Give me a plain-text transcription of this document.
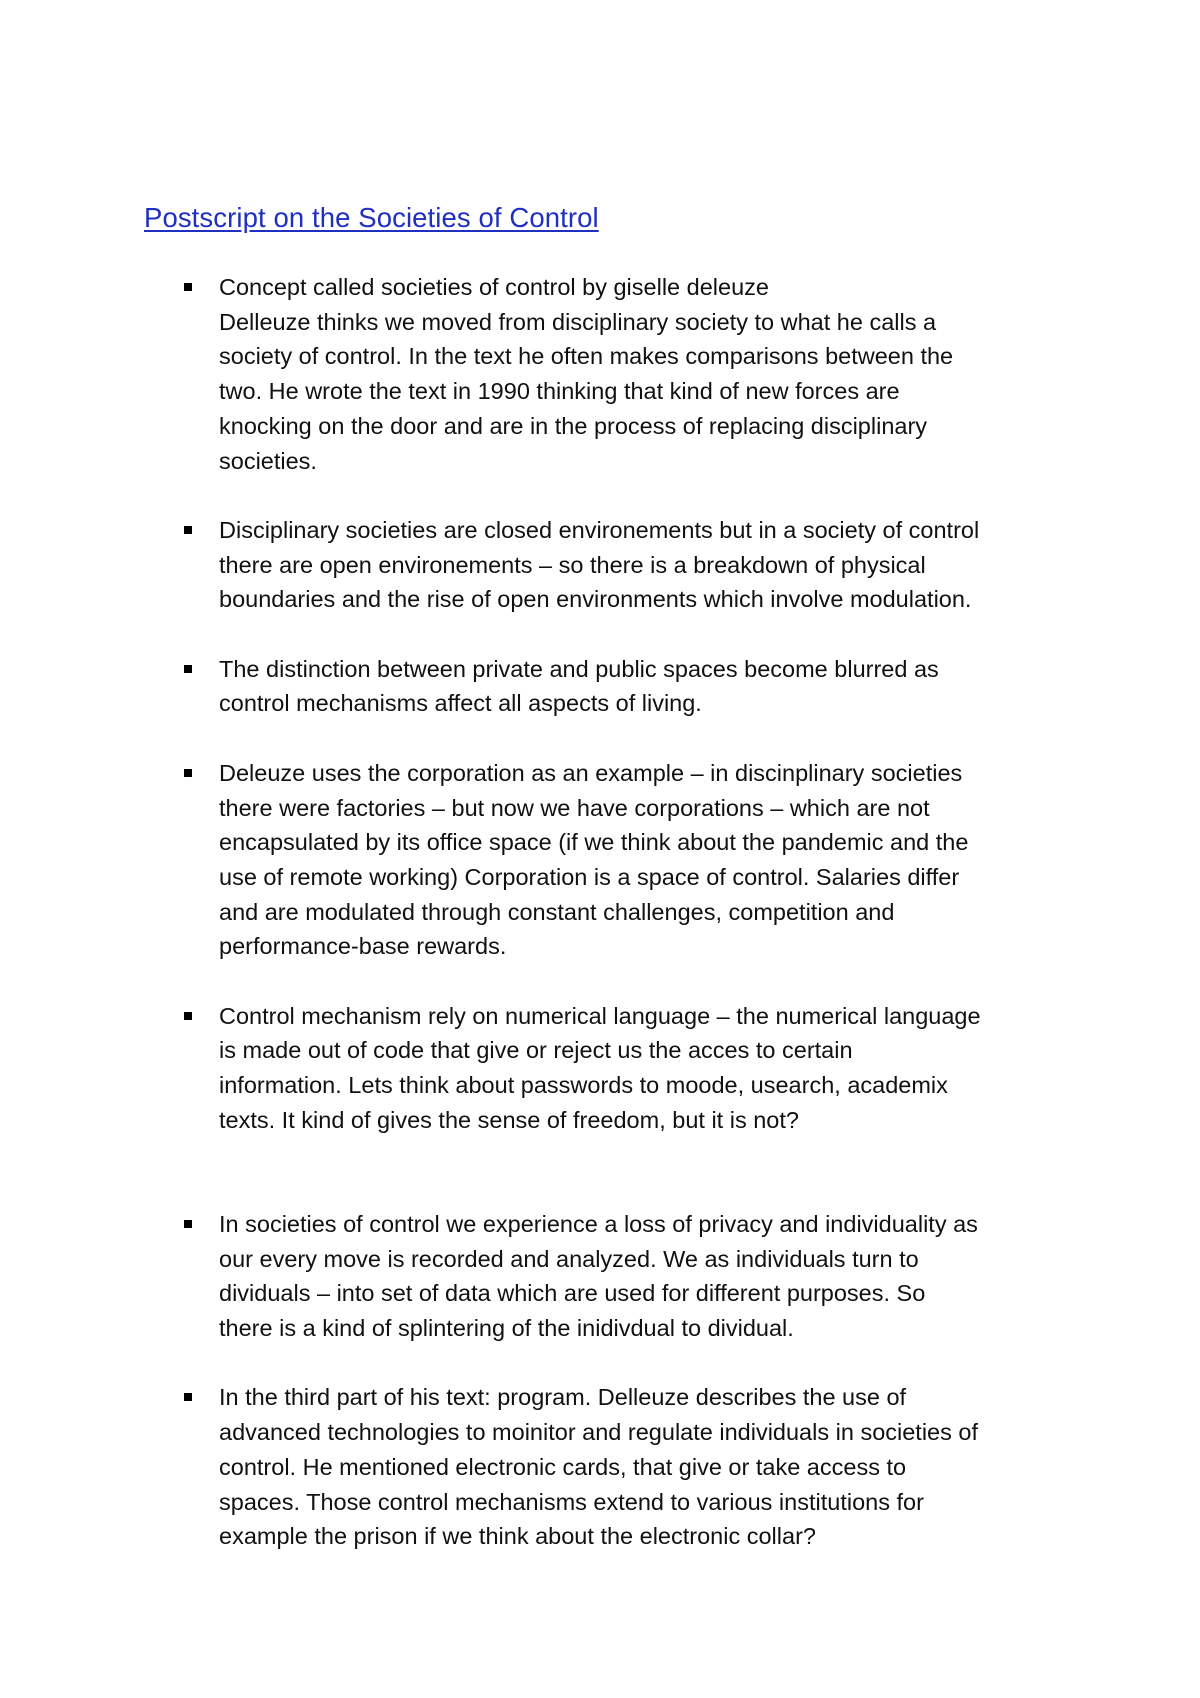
Postscript on the Societies of Control

Concept called societies of control by giselle deleuze
Delleuze thinks we moved from disciplinary society to what he calls a
society of control. In the text he often makes comparisons between the
two. He wrote the text in 1990 thinking that kind of new forces are
knocking on the door and are in the process of replacing disciplinary
societies.

Disciplinary societies are closed environements but in a society of control
there are open environements – so there is a breakdown of physical
boundaries and the rise of open environments which involve modulation.

The distinction between private and public spaces become blurred as
control mechanisms affect all aspects of living.

Deleuze uses the corporation as an example – in discinplinary societies
there were factories – but now we have corporations – which are not
encapsulated by its office space (if we think about the pandemic and the
use of remote working) Corporation is a space of control. Salaries differ
and are modulated through constant challenges, competition and
performance-base rewards.

Control mechanism rely on numerical language – the numerical language
is made out of code that give or reject us the acces to certain
information. Lets think about passwords to moode, usearch, academix
texts. It kind of gives the sense of freedom, but it is not?

In societies of control we experience a loss of privacy and individuality as
our every move is recorded and analyzed. We as individuals turn to
dividuals – into set of data which are used for different purposes. So
there is a kind of splintering of the inidivdual to dividual.

In the third part of his text: program. Delleuze describes the use of
advanced technologies to moinitor and regulate individuals in societies of
control. He mentioned electronic cards, that give or take access to
spaces. Those control mechanisms extend to various institutions for
example the prison if we think about the electronic collar?
